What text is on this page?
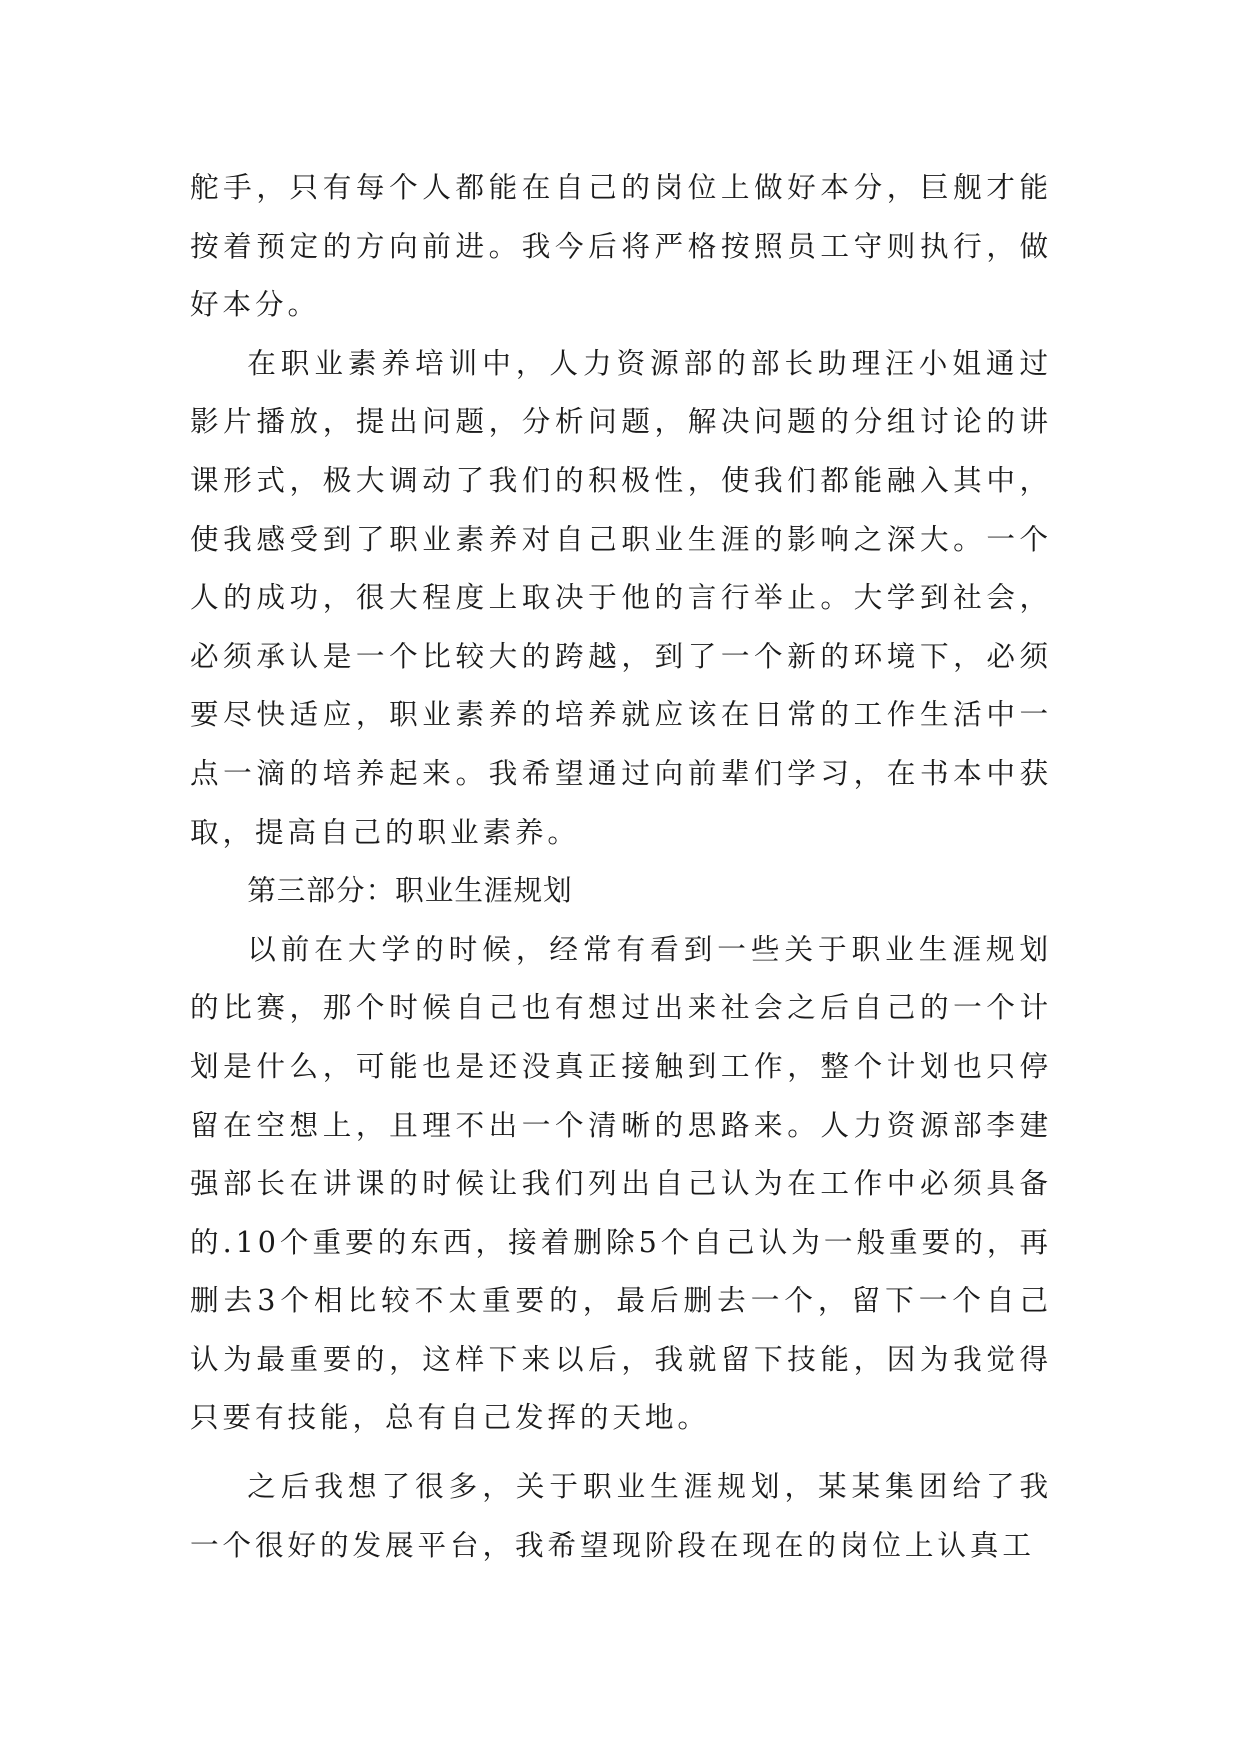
舵手，只有每个人都能在自己的岗位上做好本分，巨舰才能按着预定的方向前进。我今后将严格按照员工守则执行，做好本分。

在职业素养培训中，人力资源部的部长助理汪小姐通过影片播放，提出问题，分析问题，解决问题的分组讨论的讲课形式，极大调动了我们的积极性，使我们都能融入其中，使我感受到了职业素养对自己职业生涯的影响之深大。一个人的成功，很大程度上取决于他的言行举止。大学到社会，必须承认是一个比较大的跨越，到了一个新的环境下，必须要尽快适应，职业素养的培养就应该在日常的工作生活中一点一滴的培养起来。我希望通过向前辈们学习，在书本中获取，提高自己的职业素养。

第三部分：职业生涯规划

以前在大学的时候，经常有看到一些关于职业生涯规划的比赛，那个时候自己也有想过出来社会之后自己的一个计划是什么，可能也是还没真正接触到工作，整个计划也只停留在空想上，且理不出一个清晰的思路来。人力资源部李建强部长在讲课的时候让我们列出自己认为在工作中必须具备的.10个重要的东西，接着删除5个自己认为一般重要的，再删去3个相比较不太重要的，最后删去一个，留下一个自己认为最重要的，这样下来以后，我就留下技能，因为我觉得只要有技能，总有自己发挥的天地。

之后我想了很多，关于职业生涯规划，某某集团给了我一个很好的发展平台，我希望现阶段在现在的岗位上认真工
